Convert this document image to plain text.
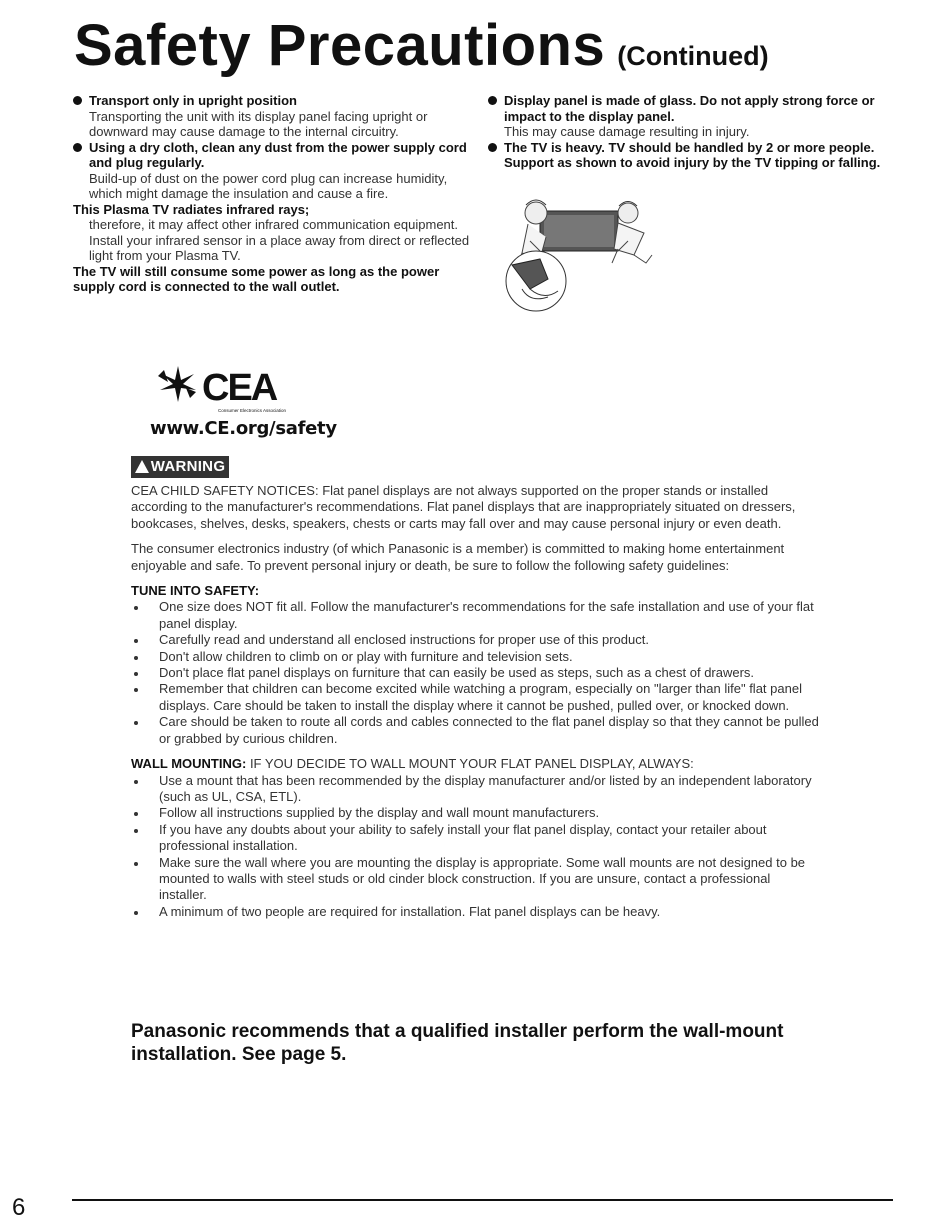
Safety Precautions (Continued)
Transport only in upright position
Transporting the unit with its display panel facing upright or downward may cause damage to the internal circuitry.
Using a dry cloth, clean any dust from the power supply cord and plug regularly.
Build-up of dust on the power cord plug can increase humidity, which might damage the insulation and cause a fire.
This Plasma TV radiates infrared rays;
therefore, it may affect other infrared communication equipment. Install your infrared sensor in a place away from direct or reflected light from your Plasma TV.
The TV will still consume some power as long as the power supply cord is connected to the wall outlet.
Display panel is made of glass. Do not apply strong force or impact to the display panel.
This may cause damage resulting in injury.
The TV is heavy. TV should be handled by 2 or more people. Support as shown to avoid injury by the TV tipping or falling.
CEA
Consumer Electronics Association
www.CE.org/safety
WARNING

CEA CHILD SAFETY NOTICES: Flat panel displays are not always supported on the proper stands or installed according to the manufacturer's recommendations. Flat panel displays that are inappropriately situated on dressers, bookcases, shelves, desks, speakers, chests or carts may fall over and may cause personal injury or even death.

The consumer electronics industry (of which Panasonic is a member) is committed to making home entertainment enjoyable and safe. To prevent personal injury or death, be sure to follow the following safety guidelines:

TUNE INTO SAFETY:
One size does NOT fit all. Follow the manufacturer's recommendations for the safe installation and use of your flat panel display.
Carefully read and understand all enclosed instructions for proper use of this product.
Don't allow children to climb on or play with furniture and television sets.
Don't place flat panel displays on furniture that can easily be used as steps, such as a chest of drawers.
Remember that children can become excited while watching a program, especially on "larger than life" flat panel displays. Care should be taken to install the display where it cannot be pushed, pulled over, or knocked down.
Care should be taken to route all cords and cables connected to the flat panel display so that they cannot be pulled or grabbed by curious children.
WALL MOUNTING: IF YOU DECIDE TO WALL MOUNT YOUR FLAT PANEL DISPLAY, ALWAYS:
Use a mount that has been recommended by the display manufacturer and/or listed by an independent laboratory (such as UL, CSA, ETL).
Follow all instructions supplied by the display and wall mount manufacturers.
If you have any doubts about your ability to safely install your flat panel display, contact your retailer about professional installation.
Make sure the wall where you are mounting the display is appropriate. Some wall mounts are not designed to be mounted to walls with steel studs or old cinder block construction. If you are unsure, contact a professional installer.
A minimum of two people are required for installation. Flat panel displays can be heavy.
Panasonic recommends that a qualified installer perform the wall-mount installation. See page 5.
6
